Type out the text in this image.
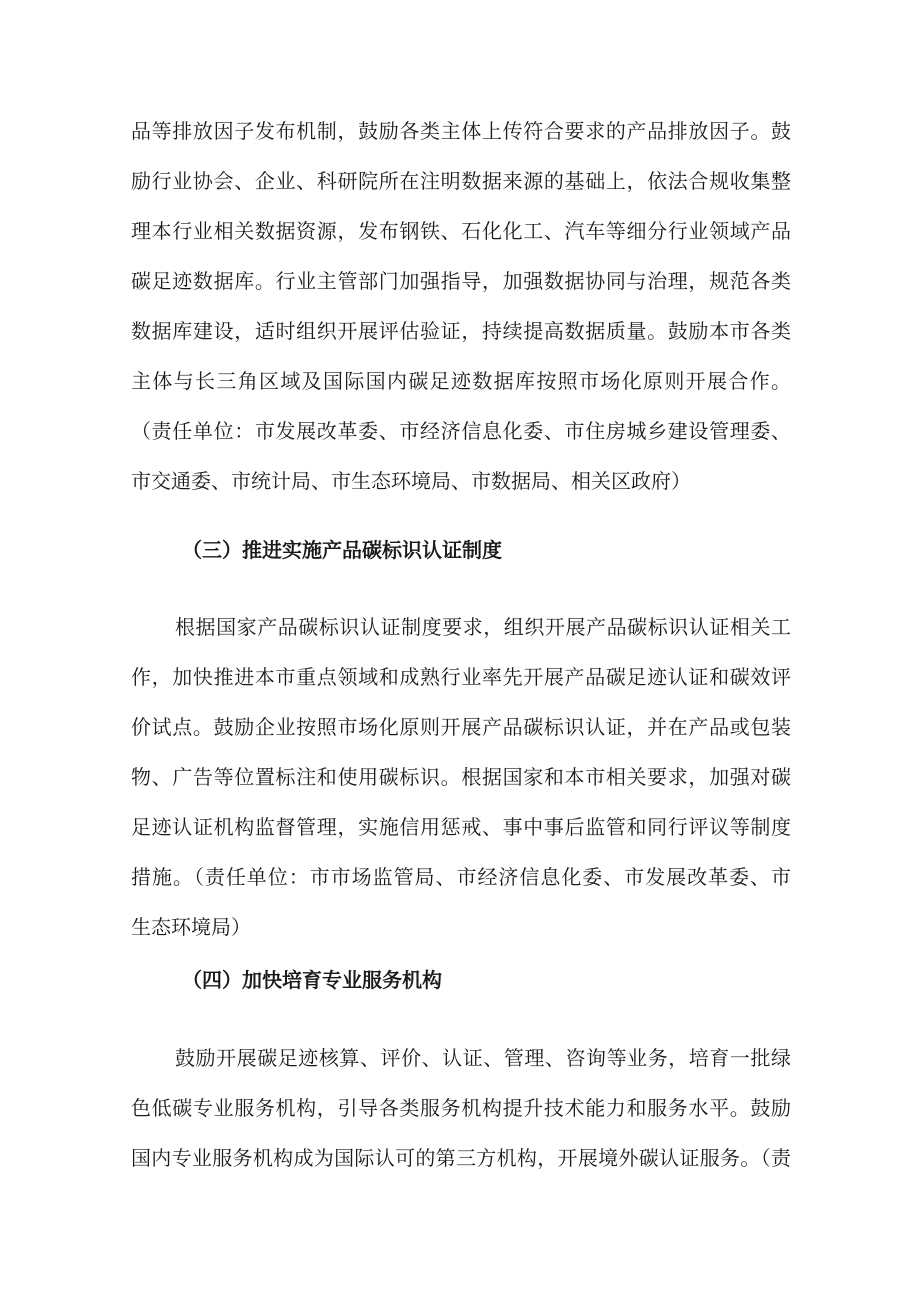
品等排放因子发布机制，鼓励各类主体上传符合要求的产品排放因子。鼓
励行业协会、企业、科研院所在注明数据来源的基础上，依法合规收集整
理本行业相关数据资源，发布钢铁、石化化工、汽车等细分行业领域产品
碳足迹数据库。行业主管部门加强指导，加强数据协同与治理，规范各类
数据库建设，适时组织开展评估验证，持续提高数据质量。鼓励本市各类
主体与长三角区域及国际国内碳足迹数据库按照市场化原则开展合作。
（责任单位：市发展改革委、市经济信息化委、市住房城乡建设管理委、
市交通委、市统计局、市生态环境局、市数据局、相关区政府）
（三）推进实施产品碳标识认证制度
根据国家产品碳标识认证制度要求，组织开展产品碳标识认证相关工
作，加快推进本市重点领域和成熟行业率先开展产品碳足迹认证和碳效评
价试点。鼓励企业按照市场化原则开展产品碳标识认证，并在产品或包装
物、广告等位置标注和使用碳标识。根据国家和本市相关要求，加强对碳
足迹认证机构监督管理，实施信用惩戒、事中事后监管和同行评议等制度
措施。（责任单位：市市场监管局、市经济信息化委、市发展改革委、市
生态环境局）
（四）加快培育专业服务机构
鼓励开展碳足迹核算、评价、认证、管理、咨询等业务，培育一批绿
色低碳专业服务机构，引导各类服务机构提升技术能力和服务水平。鼓励
国内专业服务机构成为国际认可的第三方机构，开展境外碳认证服务。（责
